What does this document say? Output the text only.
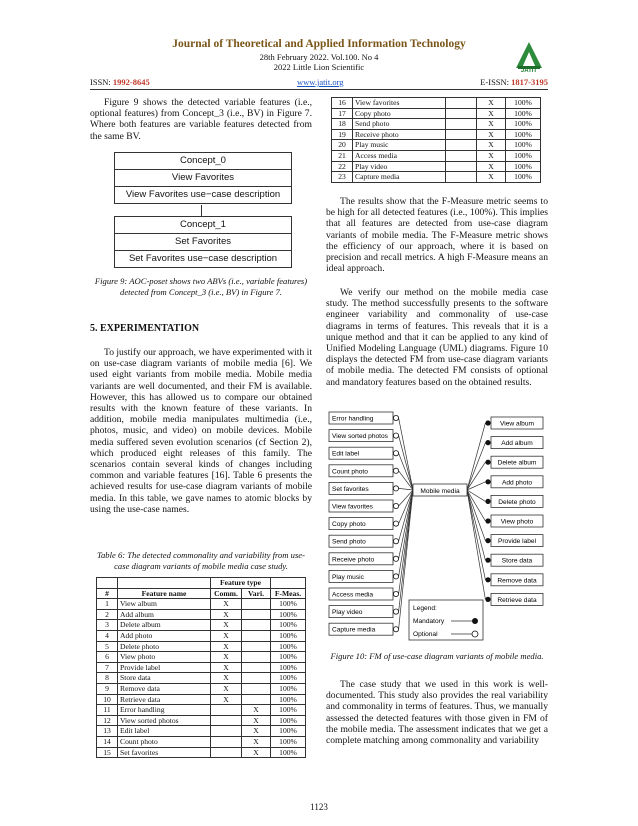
Journal of Theoretical and Applied Information Technology
28th February 2022. Vol.100. No 4
2022 Little Lion Scientific	JATIT
ISSN: 1992-8645	www.jatit.org	E-ISSN: 1817-3195

Figure 9 shows the detected variable features (i.e., optional features) from Concept_3 (i.e., BV) in Figure 7. Where both features are variable features detected from the same BV.

Concept_0
View Favorites
View Favorites use−case description
Concept_1
Set Favorites
Set Favorites use−case description
Figure 9: AOC-poset shows two ABVs (i.e., variable features) detected from Concept_3 (i.e., BV) in Figure 7.
5. EXPERIMENTATION

To justify our approach, we have experimented with it on use-case diagram variants of mobile media [6]. We used eight variants from mobile media. Mobile media variants are well documented, and their FM is available. However, this has allowed us to compare our obtained results with the known feature of these variants. In addition, mobile media manipulates multimedia (i.e., photos, music, and video) on mobile devices. Mobile media suffered seven evolution scenarios (cf Section 2), which produced eight releases of this family. The scenarios contain several kinds of changes including common and variable features [16]. Table 6 presents the achieved results for use-case diagram variants of mobile media. In this table, we gave names to atomic blocks by using the use-case names.

Table 6: The detected commonality and variability from use-case diagram variants of mobile media case study.
		Feature type		
#	Feature name	Comm.	Vari.	F-Meas.
1	View album	X		100%
2	Add album	X		100%
3	Delete album	X		100%
4	Add photo	X		100%
5	Delete photo	X		100%
6	View photo	X		100%
7	Provide label	X		100%
8	Store data	X		100%
9	Remove data	X		100%
10	Retrieve data	X		100%
11	Error handling		X	100%
12	View sorted photos		X	100%
13	Edit label		X	100%
14	Count photo		X	100%
15	Set favorites		X	100%
16	View favorites		X	100%
17	Copy photo		X	100%
18	Send photo		X	100%
19	Receive photo		X	100%
20	Play music		X	100%
21	Access media		X	100%
22	Play video		X	100%
23	Capture media		X	100%

The results show that the F-Measure metric seems to be high for all detected features (i.e., 100%). This implies that all features are detected from use-case diagram variants of mobile media. The F-Measure metric shows the efficiency of our approach, where it is based on precision and recall metrics. A high F-Measure means an ideal approach.

We verify our method on the mobile media case study. The method successfully presents to the software engineer variability and commonality of use-case diagrams in terms of features. This reveals that it is a unique method and that it can be applied to any kind of Unified Modeling Language (UML) diagrams. Figure 10 displays the detected FM from use-case diagram variants of mobile media. The detected FM consists of optional and mandatory features based on the obtained results.

Error handling
View sorted photos
Edit label
Count photo
Set favorites
View favorites
Copy photo
Send photo
Receive photo
Play music
Access media
Play video
Capture media
View album
Add album
Delete album
Add photo
Delete photo
View photo
Provide label
Store data
Remove data
Retrieve data
Mobile media
Legend:
Mandatory
Optional
Figure 10: FM of use-case diagram variants of mobile media.

The case study that we used in this work is well-documented. This study also provides the real variability and commonality in terms of features. Thus, we manually assessed the detected features with those given in FM of the mobile media. The assessment indicates that we get a complete matching among commonality and variability

1123
